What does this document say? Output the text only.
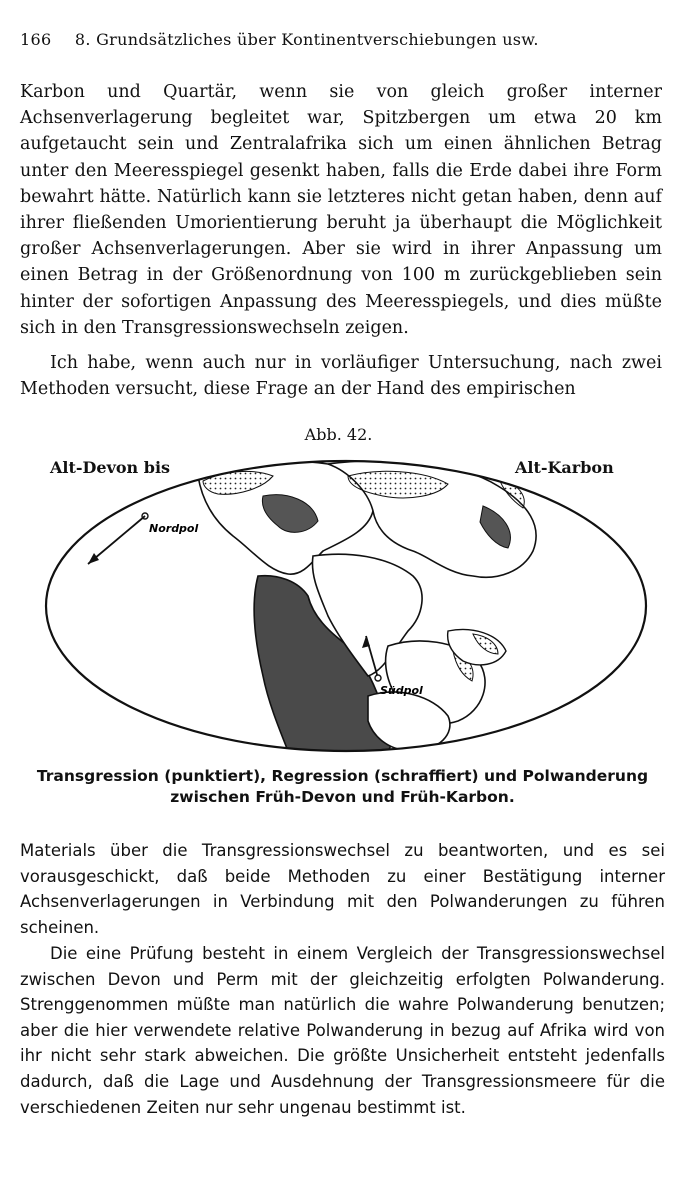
166 8. Grundsätzliches über Kontinentverschiebungen usw.

Karbon und Quartär, wenn sie von gleich großer interner Achsenverlagerung begleitet war, Spitzbergen um etwa 20 km aufgetaucht sein und Zentralafrika sich um einen ähnlichen Betrag unter den Meeresspiegel gesenkt haben, falls die Erde dabei ihre Form bewahrt hätte. Natürlich kann sie letzteres nicht getan haben, denn auf ihrer fließenden Umorientierung beruht ja überhaupt die Möglichkeit großer Achsenverlagerungen. Aber sie wird in ihrer Anpassung um einen Betrag in der Größenordnung von 100 m zurückgeblieben sein hinter der sofortigen Anpassung des Meeresspiegels, und dies müßte sich in den Transgressionswechseln zeigen.

Ich habe, wenn auch nur in vorläufiger Untersuchung, nach zwei Methoden versucht, diese Frage an der Hand des empirischen

Abb. 42.
Nordpol
Südpol
Alt-Devon bis	Alt-Karbon
Transgression (punktiert), Regression (schraffiert) und Polwanderung
zwischen Früh-Devon und Früh-Karbon.

Materials über die Transgressionswechsel zu beantworten, und es sei vorausgeschickt, daß beide Methoden zu einer Bestätigung interner Achsenverlagerungen in Verbindung mit den Polwanderungen zu führen scheinen.

Die eine Prüfung besteht in einem Vergleich der Transgressionswechsel zwischen Devon und Perm mit der gleichzeitig erfolgten Polwanderung. Strenggenommen müßte man natürlich die wahre Polwanderung benutzen; aber die hier verwendete relative Polwanderung in bezug auf Afrika wird von ihr nicht sehr stark abweichen. Die größte Unsicherheit entsteht jedenfalls dadurch, daß die Lage und Ausdehnung der Transgressionsmeere für die verschiedenen Zeiten nur sehr ungenau bestimmt ist.
